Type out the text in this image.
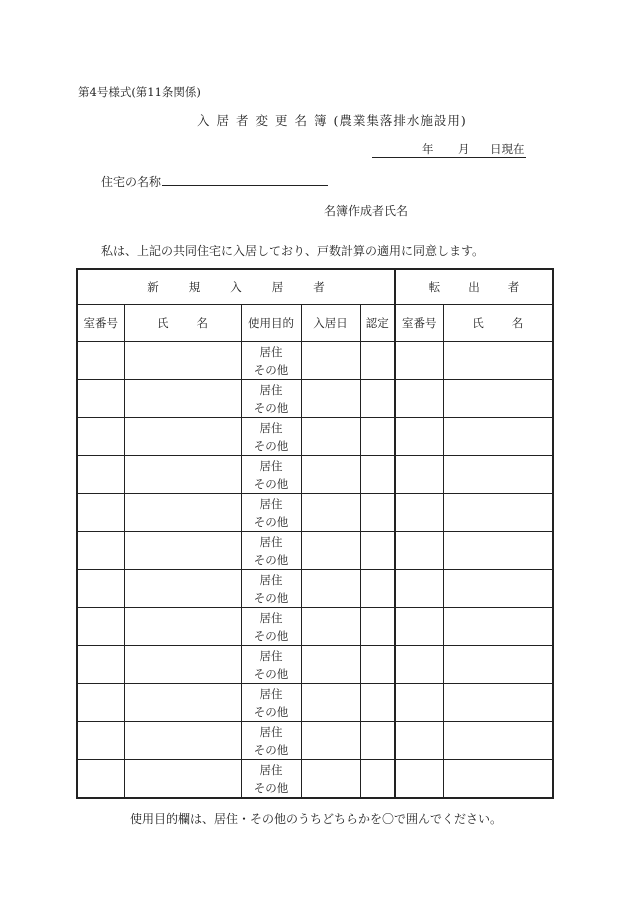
第4号様式(第11条関係)
入居者変更名簿(農業集落排水施設用)
年 月 日現在
住宅の名称
名簿作成者氏名
私は、上記の共同住宅に入居しており、戸数計算の適用に同意します。
新規入居者					転出者	
室番号	氏名	使用目的	入居日	認定	室番号	氏名

		居住
その他				

		居住
その他				

		居住
その他				

		居住
その他				

		居住
その他				

		居住
その他				

		居住
その他				

		居住
その他				

		居住
その他				

		居住
その他				

		居住
その他				

		居住
その他				

使用目的欄は、居住・その他のうちどちらかを〇で囲んでください。
